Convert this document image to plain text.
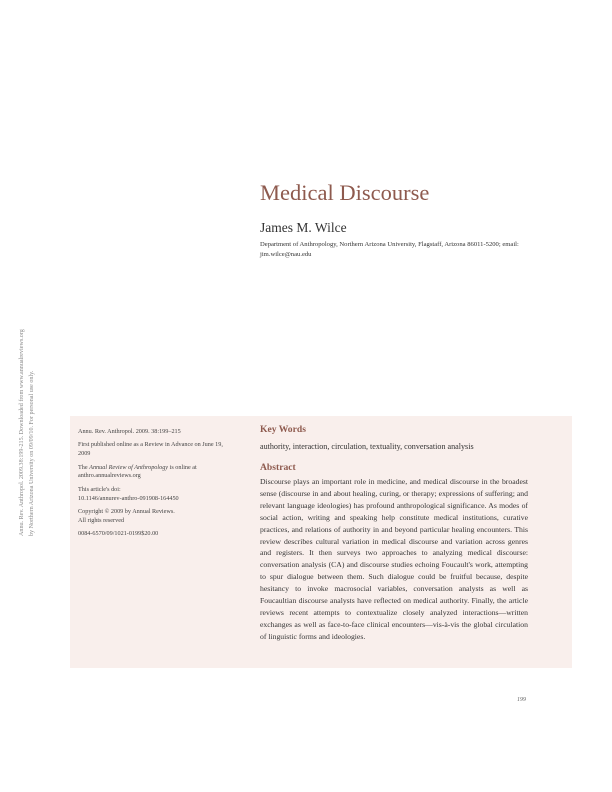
Annu. Rev. Anthropol. 2009.38:199-215. Downloaded from www.annualreviews.org by Northern Arizona University on 09/09/10. For personal use only.
Medical Discourse
James M. Wilce
Department of Anthropology, Northern Arizona University, Flagstaff, Arizona 86011-5200; email: jim.wilce@nau.edu

Annu. Rev. Anthropol. 2009. 38:199–215

First published online as a Review in Advance on June 19, 2009

The Annual Review of Anthropology is online at anthro.annualreviews.org

This article's doi:
10.1146/annurev-anthro-091908-164450

Copyright © 2009 by Annual Reviews.
All rights reserved

0084-6570/09/1021-0199$20.00

Key Words
authority, interaction, circulation, textuality, conversation analysis
Abstract

Discourse plays an important role in medicine, and medical discourse in the broadest sense (discourse in and about healing, curing, or therapy; expressions of suffering; and relevant language ideologies) has profound anthropological significance. As modes of social action, writing and speaking help constitute medical institutions, curative practices, and relations of authority in and beyond particular healing encounters. This review describes cultural variation in medical discourse and variation across genres and registers. It then surveys two approaches to analyzing medical discourse: conversation analysis (CA) and discourse studies echoing Foucault's work, attempting to spur dialogue between them. Such dialogue could be fruitful because, despite hesitancy to invoke macrosocial variables, conversation analysts as well as Foucaultian discourse analysts have reflected on medical authority. Finally, the article reviews recent attempts to contextualize closely analyzed interactions—written exchanges as well as face-to-face clinical encounters—vis-à-vis the global circulation of linguistic forms and ideologies.

199
